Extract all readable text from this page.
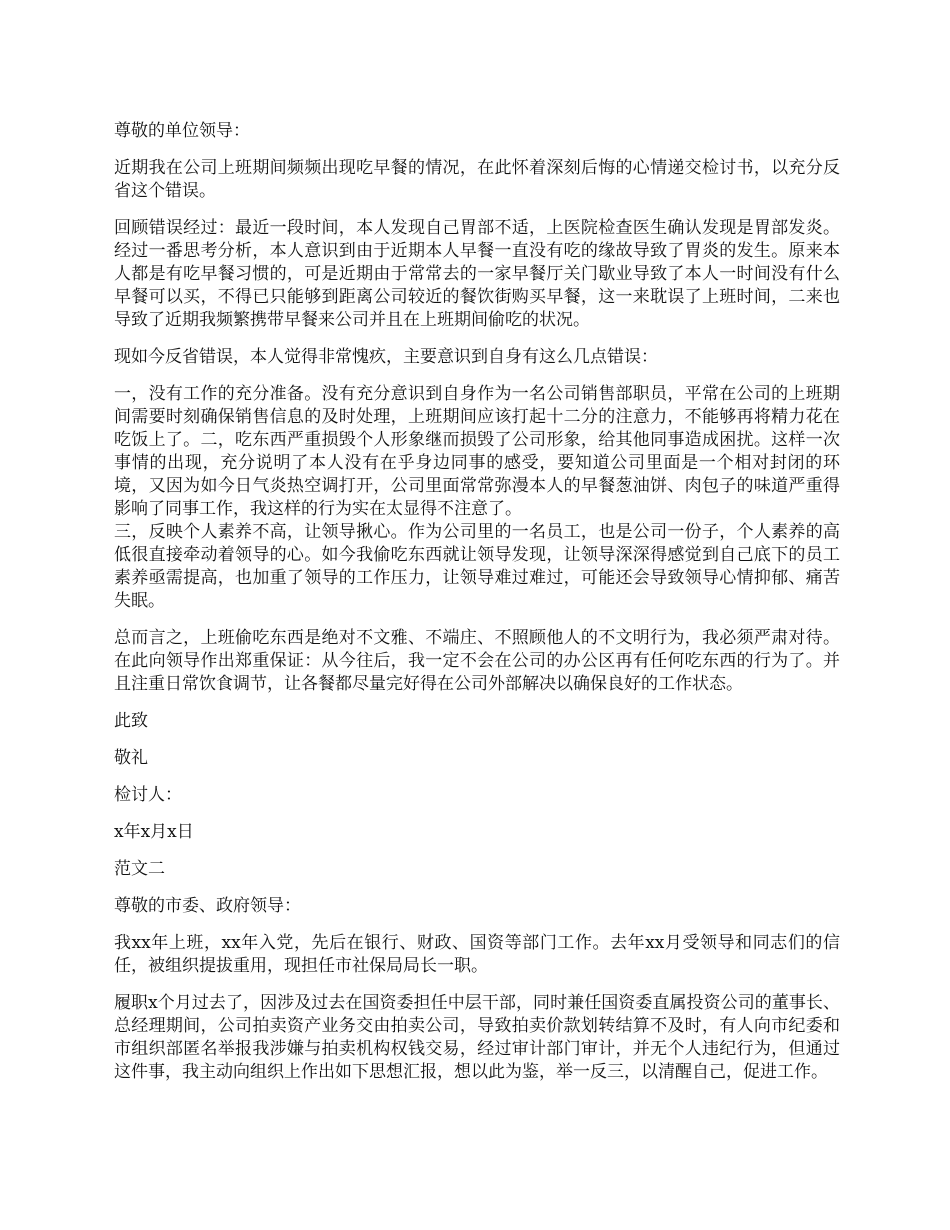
尊敬的单位领导：

近期我在公司上班期间频频出现吃早餐的情况，在此怀着深刻后悔的心情递交检讨书，以充分反省这个错误。

回顾错误经过：最近一段时间，本人发现自己胃部不适，上医院检查医生确认发现是胃部发炎。经过一番思考分析，本人意识到由于近期本人早餐一直没有吃的缘故导致了胃炎的发生。原来本人都是有吃早餐习惯的，可是近期由于常常去的一家早餐厅关门歇业导致了本人一时间没有什么早餐可以买，不得已只能够到距离公司较近的餐饮街购买早餐，这一来耽误了上班时间，二来也导致了近期我频繁携带早餐来公司并且在上班期间偷吃的状况。

现如今反省错误，本人觉得非常愧疚，主要意识到自身有这么几点错误：

一，没有工作的充分准备。没有充分意识到自身作为一名公司销售部职员，平常在公司的上班期间需要时刻确保销售信息的及时处理，上班期间应该打起十二分的注意力，不能够再将精力花在吃饭上了。二，吃东西严重损毁个人形象继而损毁了公司形象，给其他同事造成困扰。这样一次事情的出现，充分说明了本人没有在乎身边同事的感受，要知道公司里面是一个相对封闭的环境，又因为如今日气炎热空调打开，公司里面常常弥漫本人的早餐葱油饼、肉包子的味道严重得影响了同事工作，我这样的行为实在太显得不注意了。

三，反映个人素养不高，让领导揪心。作为公司里的一名员工，也是公司一份子，个人素养的高低很直接牵动着领导的心。如今我偷吃东西就让领导发现，让领导深深得感觉到自己底下的员工素养亟需提高，也加重了领导的工作压力，让领导难过难过，可能还会导致领导心情抑郁、痛苦失眠。

总而言之，上班偷吃东西是绝对不文雅、不端庄、不照顾他人的不文明行为，我必须严肃对待。在此向领导作出郑重保证：从今往后，我一定不会在公司的办公区再有任何吃东西的行为了。并且注重日常饮食调节，让各餐都尽量完好得在公司外部解决以确保良好的工作状态。

此致

敬礼

检讨人：

x年x月x日

范文二

尊敬的市委、政府领导：

我xx年上班，xx年入党，先后在银行、财政、国资等部门工作。去年xx月受领导和同志们的信任，被组织提拔重用，现担任市社保局局长一职。

履职x个月过去了，因涉及过去在国资委担任中层干部，同时兼任国资委直属投资公司的董事长、总经理期间，公司拍卖资产业务交由拍卖公司，导致拍卖价款划转结算不及时，有人向市纪委和市组织部匿名举报我涉嫌与拍卖机构权钱交易，经过审计部门审计，并无个人违纪行为，但通过这件事，我主动向组织上作出如下思想汇报，想以此为鉴，举一反三，以清醒自己，促进工作。
